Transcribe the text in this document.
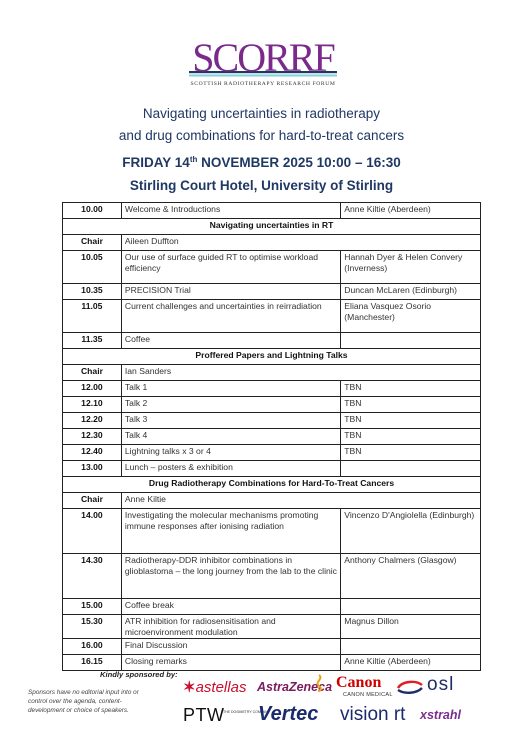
SCORRF
SCOTTISH RADIOTHERAPY RESEARCH FORUM
Navigating uncertainties in radiotherapy
and drug combinations for hard-to-treat cancers
FRIDAY 14th NOVEMBER 2025 10:00 – 16:30
Stirling Court Hotel, University of Stirling
10.00	Welcome & Introductions	Anne Kiltie (Aberdeen)
Navigating uncertainties in RT		
Chair	Aileen Duffton	
10.05	Our use of surface guided RT to optimise workload efficiency	Hannah Dyer & Helen Convery (Inverness)
10.35	PRECISION Trial	Duncan McLaren (Edinburgh)
11.05	Current challenges and uncertainties in reirradiation	Eliana Vasquez Osorio (Manchester)
11.35	Coffee	
Proffered Papers and Lightning Talks		
Chair	Ian Sanders	
12.00	Talk 1	TBN
12.10	Talk 2	TBN
12.20	Talk 3	TBN
12.30	Talk 4	TBN
12.40	Lightning talks x 3 or 4	TBN
13.00	Lunch – posters & exhibition	
Drug Radiotherapy Combinations for Hard-To-Treat Cancers		
Chair	Anne Kiltie	
14.00	Investigating the molecular mechanisms promoting immune responses after ionising radiation	Vincenzo D'Angiolella (Edinburgh)
14.30	Radiotherapy-DDR inhibitor combinations in glioblastoma – the long journey from the lab to the clinic	Anthony Chalmers (Glasgow)
15.00	Coffee break	
15.30	ATR inhibition for radiosensitisation and microenvironment modulation	Magnus Dillon
16.00	Final Discussion	
16.15	Closing remarks	Anne Kiltie (Aberdeen)
Kindly sponsored by:
Sponsors have no editorial input into or control over the agenda, content-development or choice of speakers.
✶astellas AstraZeneca Canon
CANON MEDICAL osl
PTW
THE DOSIMETRY COMPANY
Vertec vision rt xstrahl
